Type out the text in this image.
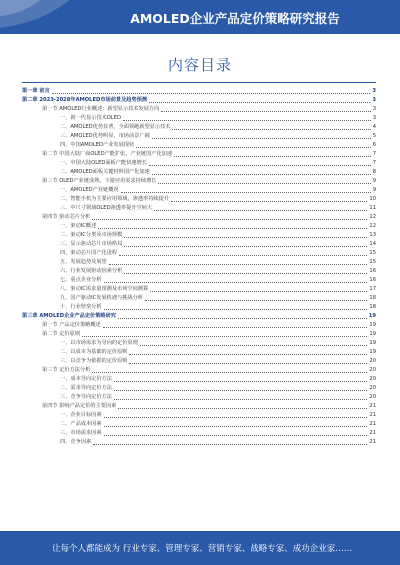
AMOLED企业产品定价策略研究报告
内容目录
第一章 前言	3
第二章 2023-2028年AMOLED市场前景及趋势预测	3
第一节 AMOLED行业概述：新型显示技术发展方向	3
一、新一代显示技术OLED	3
二、AMOLED优势显著，全面领跑新型显示技术	4
三、AMOLED优势明显，市场前景广阔	5
四、中国AMOLED产业发展现状	6
第二节 中国大陆厂商OLED产能扩张，产业链国产化加速	7
一、中国大陆OLED面板产能快速增长	7
二、AMOLED面板关键材料国产化加速	8
第三节 OLED产业链成熟，下游应用需求持续增长	9
一、AMOLED产业链概况	9
二、智能手机为主要应用领域，渗透率持续提升	10
三、中尺寸领域OLED渗透率提升空间大	11
第四节 驱动芯片分析	12
一、驱动IC概述	12
二、驱动IC分类及市场规模	13
三、显示驱动芯片市场格局	14
四、驱动芯片国产化进程	15
五、发展趋势及展望	15
六、行业发展驱动因素分析	16
七、重点企业分析	16
八、驱动IC需求量预测及市场空间测算	17
九、国产驱动IC发展机遇与挑战分析	18
十、行业壁垒分析	18
第三章 AMOLED企业产品定价策略研究	19
第一节 产品定价策略概述	19
第二节 定价原则	19
一、以市场需求为导向的定价原则	19
二、以成本为基础的定价原则	19
三、以竞争为依据的定价原则	20
第三节 定价方法分析	20
一、成本导向定价方法	20
二、需求导向定价方法	20
三、竞争导向定价方法	20
第四节 影响产品定价的主要因素	21
一、企业目标因素	21
二、产品成本因素	21
三、市场需求因素	21
四、竞争因素	21
让每个人都能成为 行业专家、管理专家、营销专家、战略专家、成功企业家……
